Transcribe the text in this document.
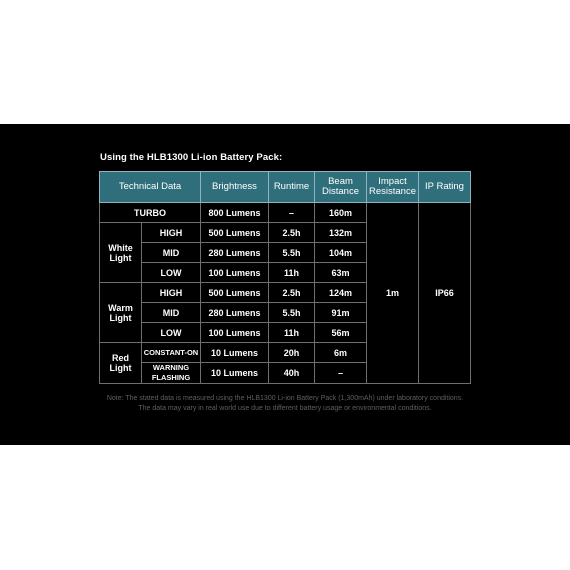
Using the HLB1300 Li-ion Battery Pack:
Technical Data		Brightness	Runtime	Beam Distance	Impact Resistance	IP Rating
TURBO		800 Lumens	–	160m	1m	IP66
White Light	HIGH	500 Lumens	2.5h	132m		
	MID	280 Lumens	5.5h	104m		
	LOW	100 Lumens	11h	63m		
Warm Light	HIGH	500 Lumens	2.5h	124m		
	MID	280 Lumens	5.5h	91m		
	LOW	100 Lumens	11h	56m		
Red Light	CONSTANT-ON	10 Lumens	20h	6m		
	WARNING FLASHING	10 Lumens	40h	–		
Note: The stated data is measured using the HLB1300 Li-ion Battery Pack (1,300mAh) under laboratory conditions. The data may vary in real world use due to different battery usage or environmental conditions.
